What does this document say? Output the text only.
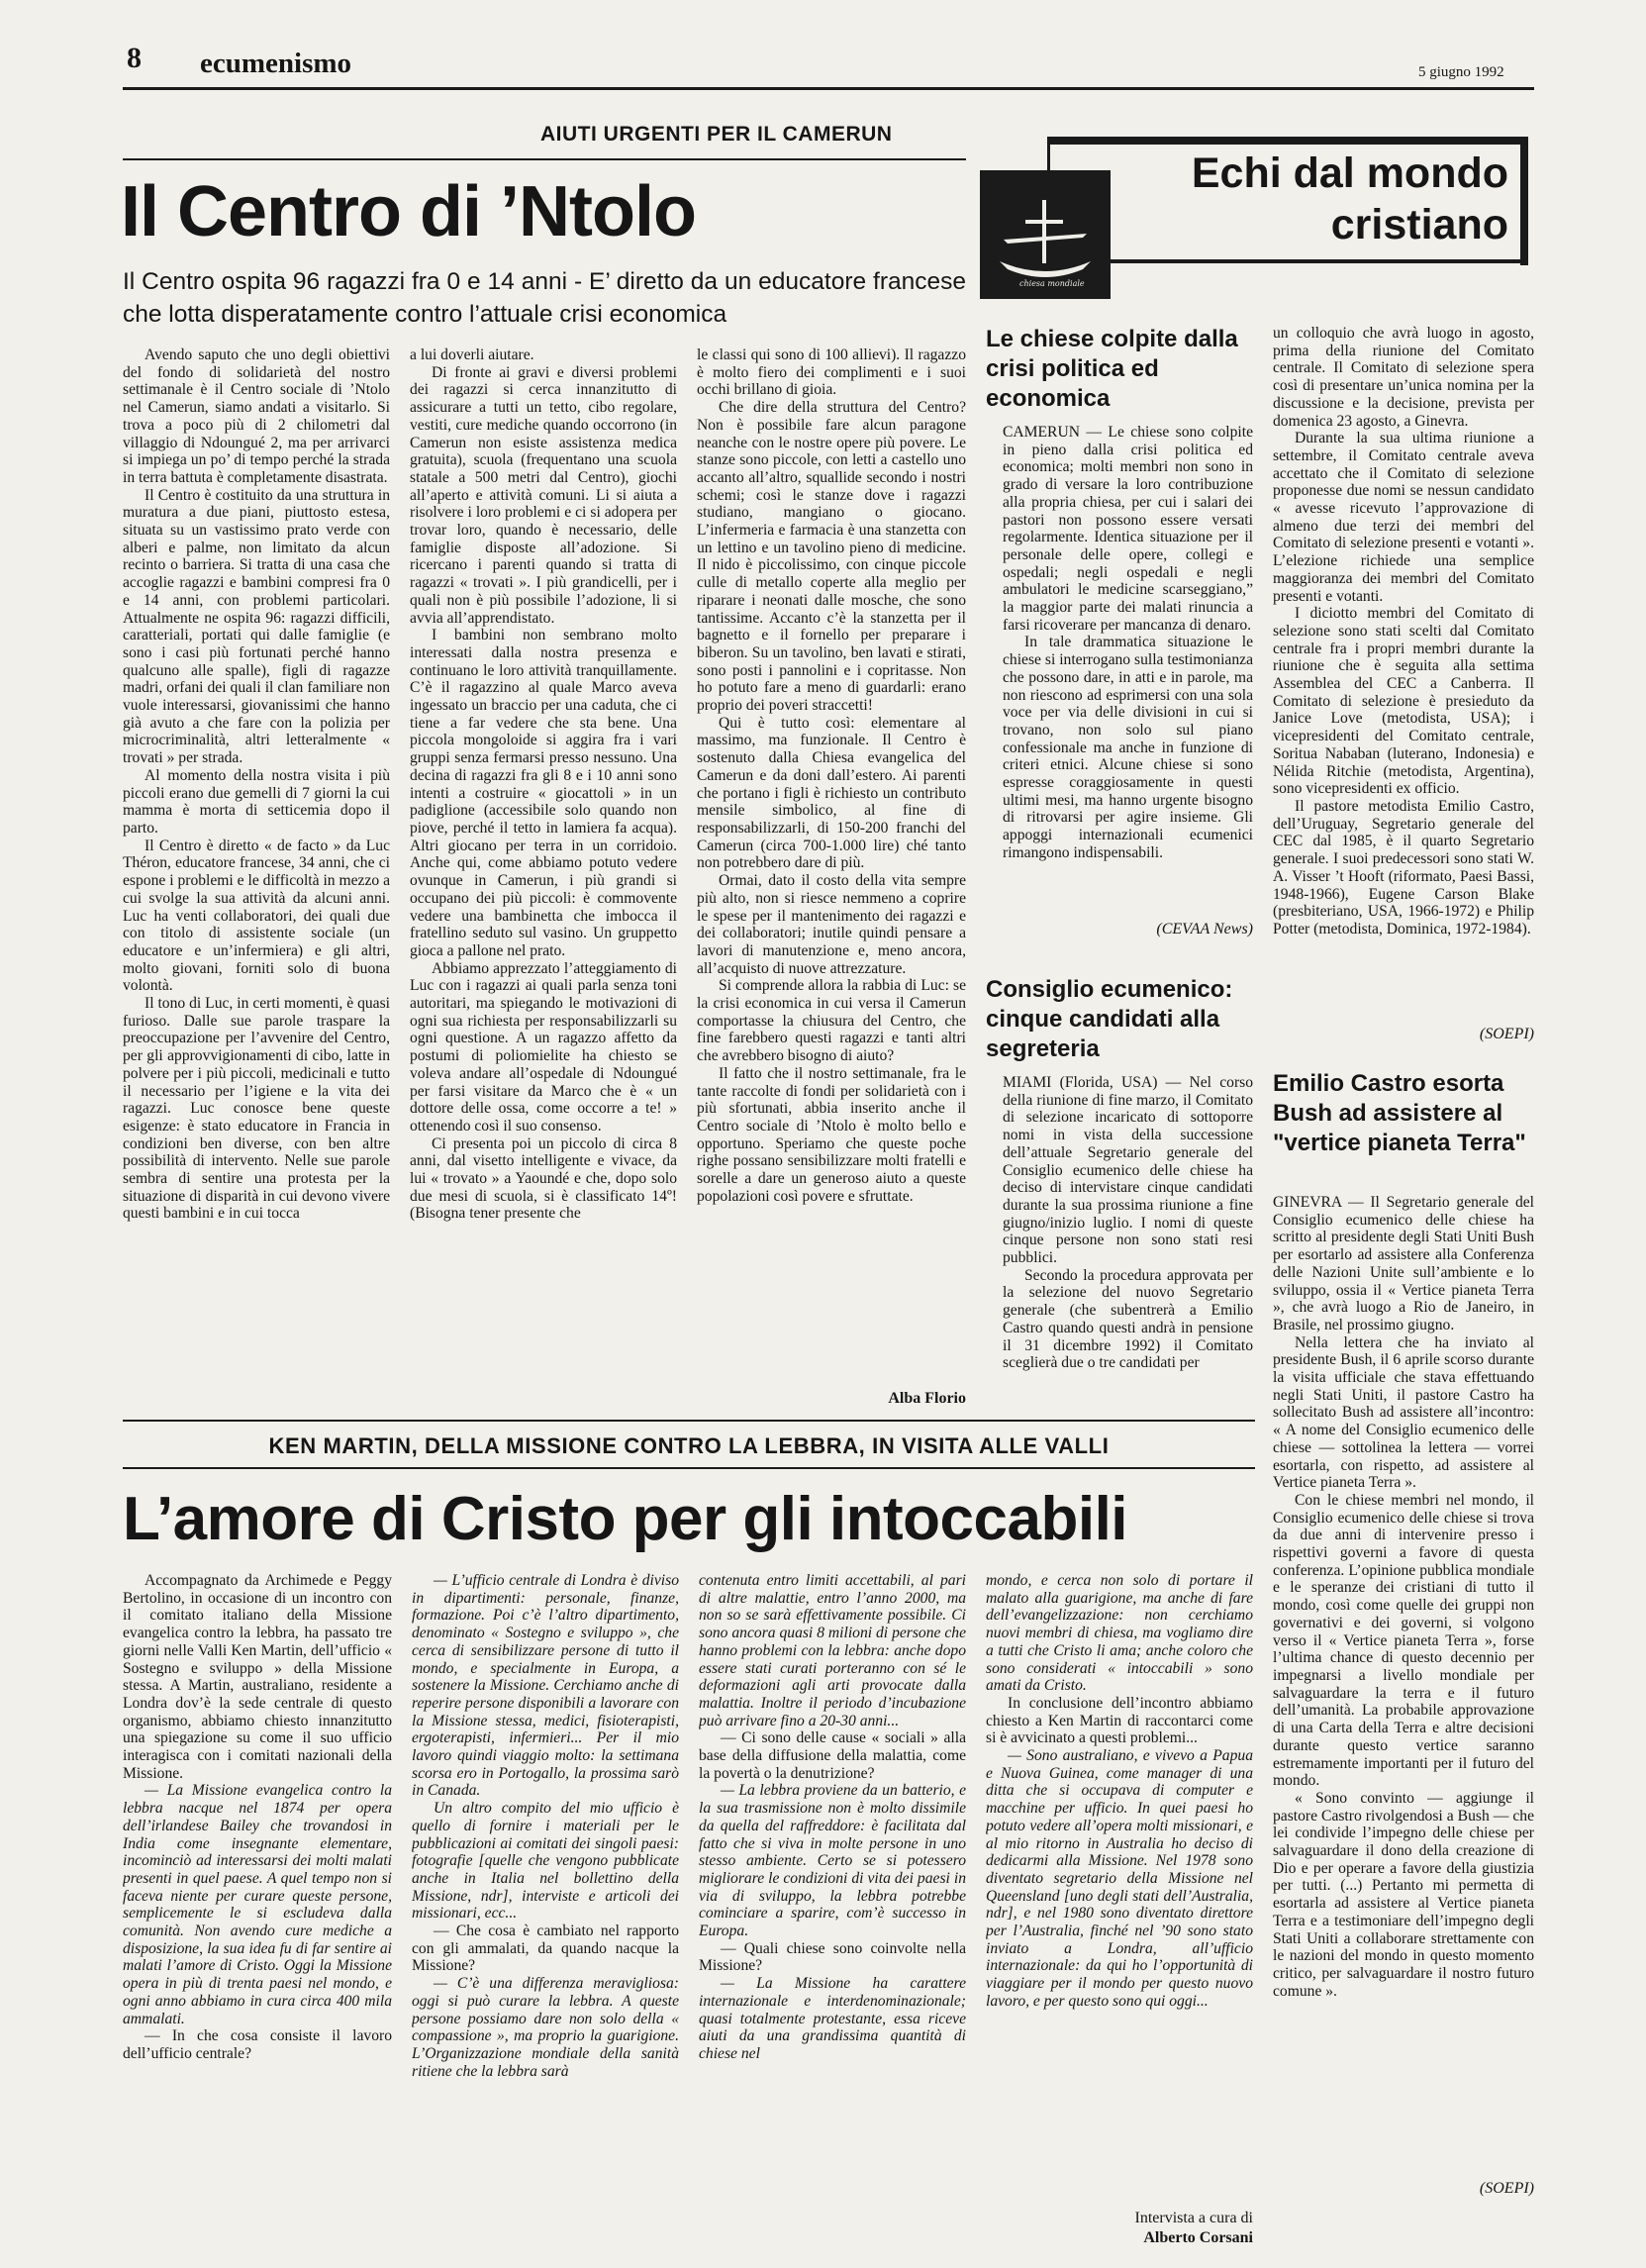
8 ecumenismo	5 giugno 1992
AIUTI URGENTI PER IL CAMERUN
Il Centro di ’Ntolo
Il Centro ospita 96 ragazzi fra 0 e 14 anni - E’ diretto da un educatore francese che lotta disperatamente contro l’attuale crisi economica

Avendo saputo che uno degli obiettivi del fondo di solidarietà del nostro settimanale è il Centro sociale di ’Ntolo nel Camerun, siamo andati a visitarlo. Si trova a poco più di 2 chilometri dal villaggio di Ndoungué 2, ma per arrivarci si impiega un po’ di tempo perché la strada in terra battuta è completamente disastrata.

Il Centro è costituito da una struttura in muratura a due piani, piuttosto estesa, situata su un vastissimo prato verde con alberi e palme, non limitato da alcun recinto o barriera. Si tratta di una casa che accoglie ragazzi e bambini compresi fra 0 e 14 anni, con problemi particolari. Attualmente ne ospita 96: ragazzi difficili, caratteriali, portati qui dalle famiglie (e sono i casi più fortunati perché hanno qualcuno alle spalle), figli di ragazze madri, orfani dei quali il clan familiare non vuole interessarsi, giovanissimi che hanno già avuto a che fare con la polizia per microcriminalità, altri letteralmente « trovati » per strada.

Al momento della nostra visita i più piccoli erano due gemelli di 7 giorni la cui mamma è morta di setticemia dopo il parto.

Il Centro è diretto « de facto » da Luc Théron, educatore francese, 34 anni, che ci espone i problemi e le difficoltà in mezzo a cui svolge la sua attività da alcuni anni. Luc ha venti collaboratori, dei quali due con titolo di assistente sociale (un educatore e un’infermiera) e gli altri, molto giovani, forniti solo di buona volontà.

Il tono di Luc, in certi momenti, è quasi furioso. Dalle sue parole traspare la preoccupazione per l’avvenire del Centro, per gli approvvigionamenti di cibo, latte in polvere per i più piccoli, medicinali e tutto il necessario per l’igiene e la vita dei ragazzi. Luc conosce bene queste esigenze: è stato educatore in Francia in condizioni ben diverse, con ben altre possibilità di intervento. Nelle sue parole sembra di sentire una protesta per la situazione di disparità in cui devono vivere questi bambini e in cui tocca

a lui doverli aiutare.

Di fronte ai gravi e diversi problemi dei ragazzi si cerca innanzitutto di assicurare a tutti un tetto, cibo regolare, vestiti, cure mediche quando occorrono (in Camerun non esiste assistenza medica gratuita), scuola (frequentano una scuola statale a 500 metri dal Centro), giochi all’aperto e attività comuni. Li si aiuta a risolvere i loro problemi e ci si adopera per trovar loro, quando è necessario, delle famiglie disposte all’adozione. Si ricercano i parenti quando si tratta di ragazzi « trovati ». I più grandicelli, per i quali non è più possibile l’adozione, li si avvia all’apprendistato.

I bambini non sembrano molto interessati dalla nostra presenza e continuano le loro attività tranquillamente. C’è il ragazzino al quale Marco aveva ingessato un braccio per una caduta, che ci tiene a far vedere che sta bene. Una piccola mongoloide si aggira fra i vari gruppi senza fermarsi presso nessuno. Una decina di ragazzi fra gli 8 e i 10 anni sono intenti a costruire « giocattoli » in un padiglione (accessibile solo quando non piove, perché il tetto in lamiera fa acqua). Altri giocano per terra in un corridoio. Anche qui, come abbiamo potuto vedere ovunque in Camerun, i più grandi si occupano dei più piccoli: è commovente vedere una bambinetta che imbocca il fratellino seduto sul vasino. Un gruppetto gioca a pallone nel prato.

Abbiamo apprezzato l’atteggiamento di Luc con i ragazzi ai quali parla senza toni autoritari, ma spiegando le motivazioni di ogni sua richiesta per responsabilizzarli su ogni questione. A un ragazzo affetto da postumi di poliomielite ha chiesto se voleva andare all’ospedale di Ndoungué per farsi visitare da Marco che è « un dottore delle ossa, come occorre a te! » ottenendo così il suo consenso.

Ci presenta poi un piccolo di circa 8 anni, dal visetto intelligente e vivace, da lui « trovato » a Yaoundé e che, dopo solo due mesi di scuola, si è classificato 14º! (Bisogna tener presente che

le classi qui sono di 100 allievi). Il ragazzo è molto fiero dei complimenti e i suoi occhi brillano di gioia.

Che dire della struttura del Centro? Non è possibile fare alcun paragone neanche con le nostre opere più povere. Le stanze sono piccole, con letti a castello uno accanto all’altro, squallide secondo i nostri schemi; così le stanze dove i ragazzi studiano, mangiano o giocano. L’infermeria e farmacia è una stanzetta con un lettino e un tavolino pieno di medicine. Il nido è piccolissimo, con cinque piccole culle di metallo coperte alla meglio per riparare i neonati dalle mosche, che sono tantissime. Accanto c’è la stanzetta per il bagnetto e il fornello per preparare i biberon. Su un tavolino, ben lavati e stirati, sono posti i pannolini e i copritasse. Non ho potuto fare a meno di guardarli: erano proprio dei poveri straccetti!

Qui è tutto così: elementare al massimo, ma funzionale. Il Centro è sostenuto dalla Chiesa evangelica del Camerun e da doni dall’estero. Ai parenti che portano i figli è richiesto un contributo mensile simbolico, al fine di responsabilizzarli, di 150-200 franchi del Camerun (circa 700-1.000 lire) ché tanto non potrebbero dare di più.

Ormai, dato il costo della vita sempre più alto, non si riesce nemmeno a coprire le spese per il mantenimento dei ragazzi e dei collaboratori; inutile quindi pensare a lavori di manutenzione e, meno ancora, all’acquisto di nuove attrezzature.

Si comprende allora la rabbia di Luc: se la crisi economica in cui versa il Camerun comportasse la chiusura del Centro, che fine farebbero questi ragazzi e tanti altri che avrebbero bisogno di aiuto?

Il fatto che il nostro settimanale, fra le tante raccolte di fondi per solidarietà con i più sfortunati, abbia inserito anche il Centro sociale di ’Ntolo è molto bello e opportuno. Speriamo che queste poche righe possano sensibilizzare molti fratelli e sorelle a dare un generoso aiuto a queste popolazioni così povere e sfruttate.

Alba Florio
chiesa mondiale
Echi dal mondo
cristiano
Le chiese colpite dalla crisi politica ed economica

CAMERUN — Le chiese sono colpite in pieno dalla crisi politica ed economica; molti membri non sono in grado di versare la loro contribuzione alla propria chiesa, per cui i salari dei pastori non possono essere versati regolarmente. Identica situazione per il personale delle opere, collegi e ospedali; negli ospedali e negli ambulatori le medicine scarseggiano,” la maggior parte dei malati rinuncia a farsi ricoverare per mancanza di denaro.

In tale drammatica situazione le chiese si interrogano sulla testimonianza che possono dare, in atti e in parole, ma non riescono ad esprimersi con una sola voce per via delle divisioni in cui si trovano, non solo sul piano confessionale ma anche in funzione di criteri etnici. Alcune chiese si sono espresse coraggiosamente in questi ultimi mesi, ma hanno urgente bisogno di ritrovarsi per agire insieme. Gli appoggi internazionali ecumenici rimangono indispensabili.

(CEVAA News)
Consiglio ecumenico: cinque candidati alla segreteria

MIAMI (Florida, USA) — Nel corso della riunione di fine marzo, il Comitato di selezione incaricato di sottoporre nomi in vista della successione dell’attuale Segretario generale del Consiglio ecumenico delle chiese ha deciso di intervistare cinque candidati durante la sua prossima riunione a fine giugno/inizio luglio. I nomi di queste cinque persone non sono stati resi pubblici.

Secondo la procedura approvata per la selezione del nuovo Segretario generale (che subentrerà a Emilio Castro quando questi andrà in pensione il 31 dicembre 1992) il Comitato sceglierà due o tre candidati per

un colloquio che avrà luogo in agosto, prima della riunione del Comitato centrale. Il Comitato di selezione spera così di presentare un’unica nomina per la discussione e la decisione, prevista per domenica 23 agosto, a Ginevra.

Durante la sua ultima riunione a settembre, il Comitato centrale aveva accettato che il Comitato di selezione proponesse due nomi se nessun candidato « avesse ricevuto l’approvazione di almeno due terzi dei membri del Comitato di selezione presenti e votanti ». L’elezione richiede una semplice maggioranza dei membri del Comitato presenti e votanti.

I diciotto membri del Comitato di selezione sono stati scelti dal Comitato centrale fra i propri membri durante la riunione che è seguita alla settima Assemblea del CEC a Canberra. Il Comitato di selezione è presieduto da Janice Love (metodista, USA); i vicepresidenti del Comitato centrale, Soritua Nababan (luterano, Indonesia) e Nélida Ritchie (metodista, Argentina), sono vicepresidenti ex officio.

Il pastore metodista Emilio Castro, dell’Uruguay, Segretario generale del CEC dal 1985, è il quarto Segretario generale. I suoi predecessori sono stati W. A. Visser ’t Hooft (riformato, Paesi Bassi, 1948-1966), Eugene Carson Blake (presbiteriano, USA, 1966-1972) e Philip Potter (metodista, Dominica, 1972-1984).

(SOEPI)
Emilio Castro esorta Bush ad assistere al "vertice pianeta Terra"

GINEVRA — Il Segretario generale del Consiglio ecumenico delle chiese ha scritto al presidente degli Stati Uniti Bush per esortarlo ad assistere alla Conferenza delle Nazioni Unite sull’ambiente e lo sviluppo, ossia il « Vertice pianeta Terra », che avrà luogo a Rio de Janeiro, in Brasile, nel prossimo giugno.

Nella lettera che ha inviato al presidente Bush, il 6 aprile scorso durante la visita ufficiale che stava effettuando negli Stati Uniti, il pastore Castro ha sollecitato Bush ad assistere all’incontro: « A nome del Consiglio ecumenico delle chiese — sottolinea la lettera — vorrei esortarla, con rispetto, ad assistere al Vertice pianeta Terra ».

Con le chiese membri nel mondo, il Consiglio ecumenico delle chiese si trova da due anni di intervenire presso i rispettivi governi a favore di questa conferenza. L’opinione pubblica mondiale e le speranze dei cristiani di tutto il mondo, così come quelle dei gruppi non governativi e dei governi, si volgono verso il « Vertice pianeta Terra », forse l’ultima chance di questo decennio per impegnarsi a livello mondiale per salvaguardare la terra e il futuro dell’umanità. La probabile approvazione di una Carta della Terra e altre decisioni durante questo vertice saranno estremamente importanti per il futuro del mondo.

« Sono convinto — aggiunge il pastore Castro rivolgendosi a Bush — che lei condivide l’impegno delle chiese per salvaguardare il dono della creazione di Dio e per operare a favore della giustizia per tutti. (...) Pertanto mi permetta di esortarla ad assistere al Vertice pianeta Terra e a testimoniare dell’impegno degli Stati Uniti a collaborare strettamente con le nazioni del mondo in questo momento critico, per salvaguardare il nostro futuro comune ».

(SOEPI)
KEN MARTIN, DELLA MISSIONE CONTRO LA LEBBRA, IN VISITA ALLE VALLI
L’amore di Cristo per gli intoccabili

Accompagnato da Archimede e Peggy Bertolino, in occasione di un incontro con il comitato italiano della Missione evangelica contro la lebbra, ha passato tre giorni nelle Valli Ken Martin, dell’ufficio « Sostegno e sviluppo » della Missione stessa. A Martin, australiano, residente a Londra dov’è la sede centrale di questo organismo, abbiamo chiesto innanzitutto una spiegazione su come il suo ufficio interagisca con i comitati nazionali della Missione.

— La Missione evangelica contro la lebbra nacque nel 1874 per opera dell’irlandese Bailey che trovandosi in India come insegnante elementare, incominciò ad interessarsi dei molti malati presenti in quel paese. A quel tempo non si faceva niente per curare queste persone, semplicemente le si escludeva dalla comunità. Non avendo cure mediche a disposizione, la sua idea fu di far sentire ai malati l’amore di Cristo. Oggi la Missione opera in più di trenta paesi nel mondo, e ogni anno abbiamo in cura circa 400 mila ammalati.

— In che cosa consiste il lavoro dell’ufficio centrale?

— L’ufficio centrale di Londra è diviso in dipartimenti: personale, finanze, formazione. Poi c’è l’altro dipartimento, denominato « Sostegno e sviluppo », che cerca di sensibilizzare persone di tutto il mondo, e specialmente in Europa, a sostenere la Missione. Cerchiamo anche di reperire persone disponibili a lavorare con la Missione stessa, medici, fisioterapisti, ergoterapisti, infermieri... Per il mio lavoro quindi viaggio molto: la settimana scorsa ero in Portogallo, la prossima sarò in Canada.

Un altro compito del mio ufficio è quello di fornire i materiali per le pubblicazioni ai comitati dei singoli paesi: fotografie [quelle che vengono pubblicate anche in Italia nel bollettino della Missione, ndr], interviste e articoli dei missionari, ecc...

— Che cosa è cambiato nel rapporto con gli ammalati, da quando nacque la Missione?

— C’è una differenza meravigliosa: oggi si può curare la lebbra. A queste persone possiamo dare non solo della « compassione », ma proprio la guarigione. L’Organizzazione mondiale della sanità ritiene che la lebbra sarà

contenuta entro limiti accettabili, al pari di altre malattie, entro l’anno 2000, ma non so se sarà effettivamente possibile. Ci sono ancora quasi 8 milioni di persone che hanno problemi con la lebbra: anche dopo essere stati curati porteranno con sé le deformazioni agli arti provocate dalla malattia. Inoltre il periodo d’incubazione può arrivare fino a 20-30 anni...

— Ci sono delle cause « sociali » alla base della diffusione della malattia, come la povertà o la denutrizione?

— La lebbra proviene da un batterio, e la sua trasmissione non è molto dissimile da quella del raffreddore: è facilitata dal fatto che si viva in molte persone in uno stesso ambiente. Certo se si potessero migliorare le condizioni di vita dei paesi in via di sviluppo, la lebbra potrebbe cominciare a sparire, com’è successo in Europa.

— Quali chiese sono coinvolte nella Missione?

— La Missione ha carattere internazionale e interdenominazionale; quasi totalmente protestante, essa riceve aiuti da una grandissima quantità di chiese nel

mondo, e cerca non solo di portare il malato alla guarigione, ma anche di fare dell’evangelizzazione: non cerchiamo nuovi membri di chiesa, ma vogliamo dire a tutti che Cristo li ama; anche coloro che sono considerati « intoccabili » sono amati da Cristo.

In conclusione dell’incontro abbiamo chiesto a Ken Martin di raccontarci come si è avvicinato a questi problemi...

— Sono australiano, e vivevo a Papua e Nuova Guinea, come manager di una ditta che si occupava di computer e macchine per ufficio. In quei paesi ho potuto vedere all’opera molti missionari, e al mio ritorno in Australia ho deciso di dedicarmi alla Missione. Nel 1978 sono diventato segretario della Missione nel Queensland [uno degli stati dell’Australia, ndr], e nel 1980 sono diventato direttore per l’Australia, finché nel ’90 sono stato inviato a Londra, all’ufficio internazionale: da qui ho l’opportunità di viaggiare per il mondo per questo nuovo lavoro, e per questo sono qui oggi...

Intervista a cura di
Alberto Corsani
